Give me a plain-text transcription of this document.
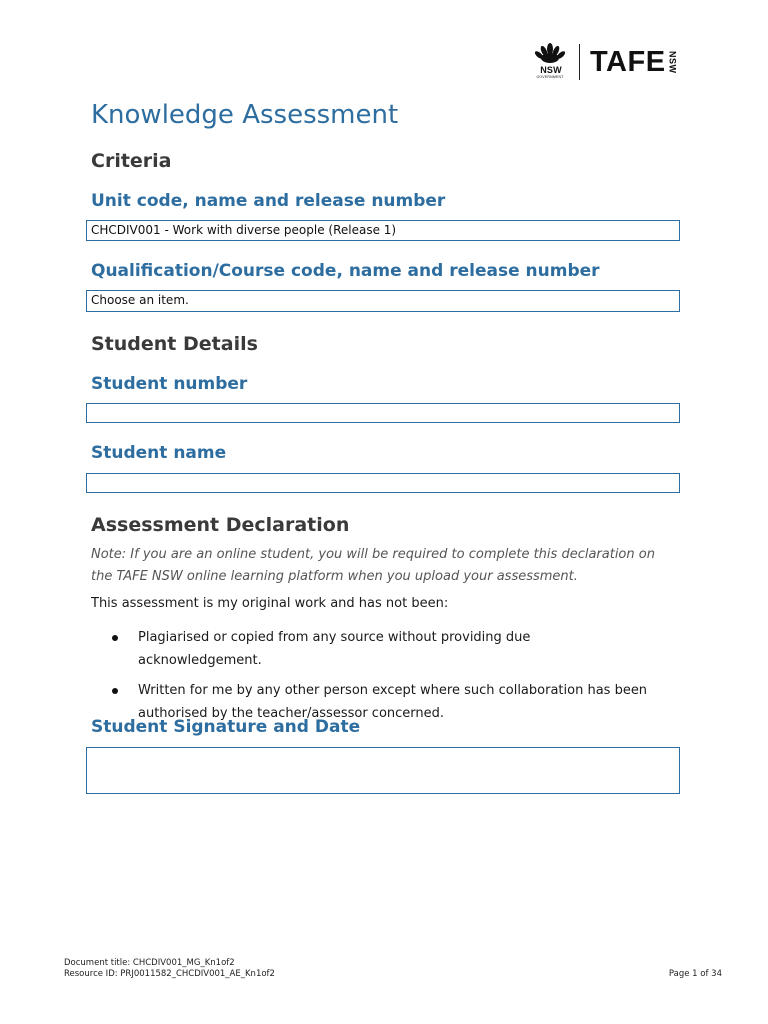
NSW
GOVERNMENT TAFE NSW
Knowledge Assessment
Criteria
Unit code, name and release number
CHCDIV001 - Work with diverse people (Release 1)
Qualification/Course code, name and release number
Choose an item.
Student Details
Student number
Student name
Assessment Declaration
Note: If you are an online student, you will be required to complete this declaration on the TAFE NSW online learning platform when you upload your assessment.
This assessment is my original work and has not been:
Plagiarised or copied from any source without providing due acknowledgement.
Written for me by any other person except where such collaboration has been authorised by the teacher/assessor concerned.
Student Signature and Date
Document title: CHCDIV001_MG_Kn1of2
Resource ID: PRJ0011582_CHCDIV001_AE_Kn1of2	Page 1 of 34
